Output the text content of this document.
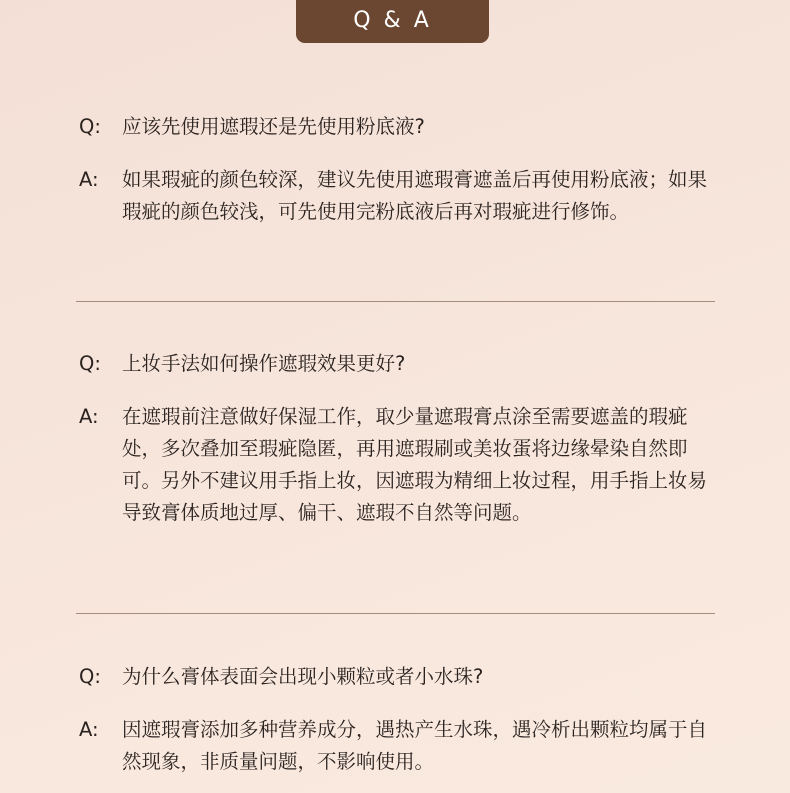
Q & A
Q:	应该先使用遮瑕还是先使用粉底液?
A:	如果瑕疵的颜色较深，建议先使用遮瑕膏遮盖后再使用粉底液；如果瑕疵的颜色较浅，可先使用完粉底液后再对瑕疵进行修饰。
Q:	上妆手法如何操作遮瑕效果更好?
A:	在遮瑕前注意做好保湿工作，取少量遮瑕膏点涂至需要遮盖的瑕疵处，多次叠加至瑕疵隐匿，再用遮瑕刷或美妆蛋将边缘晕染自然即可。另外不建议用手指上妆，因遮瑕为精细上妆过程，用手指上妆易导致膏体质地过厚、偏干、遮瑕不自然等问题。
Q:	为什么膏体表面会出现小颗粒或者小水珠?
A:	因遮瑕膏添加多种营养成分，遇热产生水珠，遇冷析出颗粒均属于自然现象，非质量问题，不影响使用。
